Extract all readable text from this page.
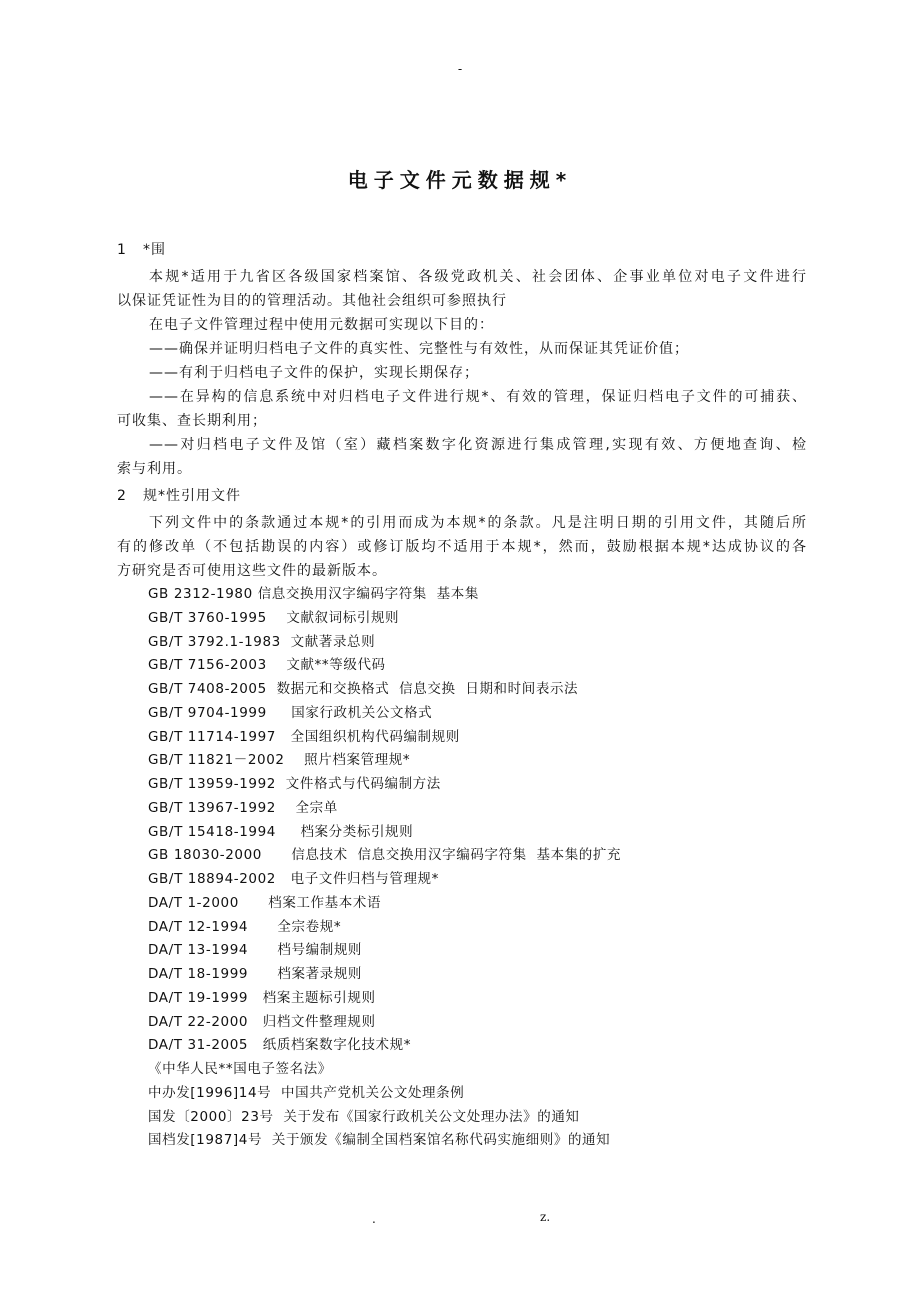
-
电子文件元数据规*
1 *围
本规*适用于九省区各级国家档案馆、各级党政机关、社会团体、企事业单位对电子文件进行
以保证凭证性为目的的管理活动。其他社会组织可参照执行
在电子文件管理过程中使用元数据可实现以下目的：
——确保并证明归档电子文件的真实性、完整性与有效性，从而保证其凭证价值；
——有利于归档电子文件的保护，实现长期保存；
——在异构的信息系统中对归档电子文件进行规*、有效的管理，保证归档电子文件的可捕获、
可收集、查长期利用；
——对归档电子文件及馆（室）藏档案数字化资源进行集成管理,实现有效、方便地查询、检
索与利用。
2 规*性引用文件
下列文件中的条款通过本规*的引用而成为本规*的条款。凡是注明日期的引用文件，其随后所
有的修改单（不包括勘误的内容）或修订版均不适用于本规*，然而，鼓励根据本规*达成协议的各
方研究是否可使用这些文件的最新版本。
GB 2312-1980 信息交换用汉字编码字符集  基本集
GB/T 3760-1995    文献叙词标引规则
GB/T 3792.1-1983  文献著录总则
GB/T 7156-2003    文献**等级代码
GB/T 7408-2005  数据元和交换格式  信息交换  日期和时间表示法
GB/T 9704-1999     国家行政机关公文格式
GB/T 11714-1997   全国组织机构代码编制规则
GB/T 11821－2002    照片档案管理规*
GB/T 13959-1992  文件格式与代码编制方法
GB/T 13967-1992    全宗单
GB/T 15418-1994     档案分类标引规则
GB 18030-2000      信息技术  信息交换用汉字编码字符集  基本集的扩充
GB/T 18894-2002   电子文件归档与管理规*
DA/T 1-2000      档案工作基本术语
DA/T 12-1994      全宗卷规*
DA/T 13-1994      档号编制规则
DA/T 18-1999      档案著录规则
DA/T 19-1999   档案主题标引规则
DA/T 22-2000   归档文件整理规则
DA/T 31-2005   纸质档案数字化技术规*
《中华人民**国电子签名法》
中办发[1996]14号  中国共产党机关公文处理条例
国发〔2000〕23号  关于发布《国家行政机关公文处理办法》的通知
国档发[1987]4号  关于颁发《编制全国档案馆名称代码实施细则》的通知
.	z.
